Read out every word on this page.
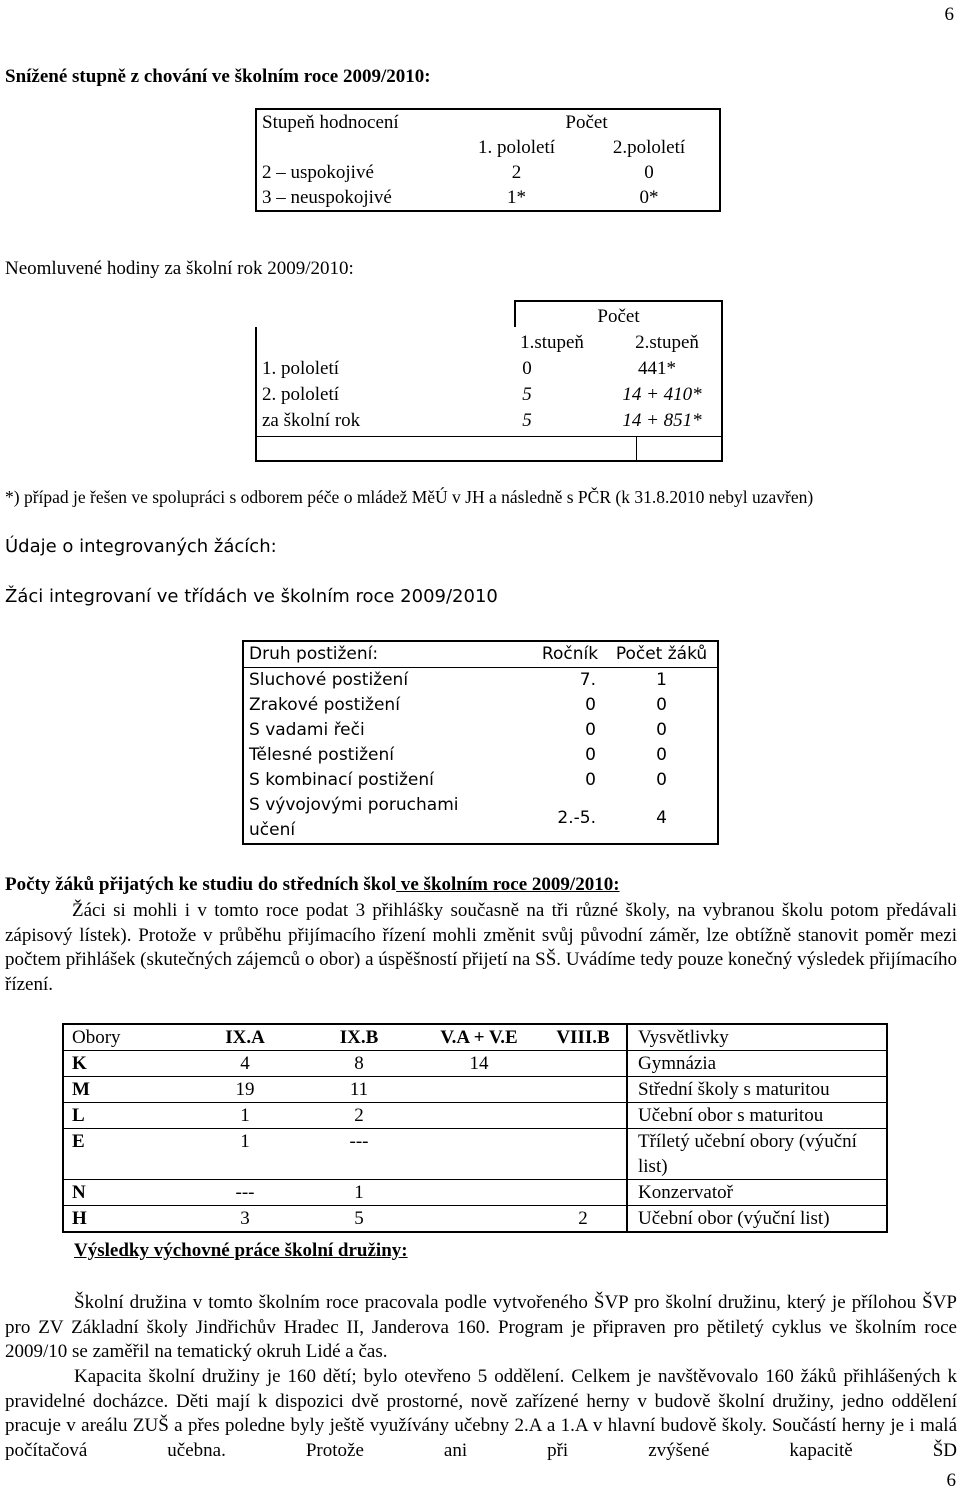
6
Snížené stupně z chování ve školním roce 2009/2010:
Stupeň hodnocení	Počet	
	1. pololetí	2.pololetí
2 – uspokojivé	2	0
3 – neuspokojivé	1*	0*
Neomluvené hodiny za školní rok 2009/2010:
Počet
1.stupeň	2.stupeň
1. pololetí	0	441*
2. pololetí	5	14 + 410*
za školní rok	5	14 + 851*
*) případ je řešen ve spolupráci s odborem péče o mládež MěÚ v JH a následně s PČR (k 31.8.2010 nebyl uzavřen)
Údaje o integrovaných žácích:
Žáci integrovaní ve třídách ve školním roce 2009/2010
Druh postižení:	Ročník	Počet žáků
Sluchové postižení	7.	1
Zrakové postižení	0	0
S vadami řeči	0	0
Tělesné postižení	0	0
S kombinací postižení	0	0

S vývojovými poruchami
učení	2.-5.	4
Počty žáků přijatých ke studiu do středních škol ve školním roce 2009/2010:
Žáci si mohli i v tomto roce podat 3 přihlášky současně na tři různé školy, na vybranou školu potom předávali zápisový lístek). Protože v průběhu přijímacího řízení mohli změnit svůj původní záměr, lze obtížně stanovit poměr mezi počtem přihlášek (skutečných zájemců o obor) a úspěšností přijetí na SŠ. Uvádíme tedy pouze konečný výsledek přijímacího řízení.
Obory	IX.A	IX.B	V.A + V.E	VIII.B	Vysvětlivky
K	4	8	14		Gymnázia
M	19	11			Střední školy s maturitou
L	1	2			Učební obor s maturitou
E	1	---			Tříletý učební obory (výuční list)
N	---	1			Konzervatoř
H	3	5		2	Učební obor (výuční list)
Výsledky výchovné práce školní družiny:
Školní družina v tomto školním roce pracovala podle vytvořeného ŠVP pro školní družinu, který je přílohou ŠVP pro ZV Základní školy Jindřichův Hradec II, Janderova 160. Program je připraven pro pětiletý cyklus ve školním roce 2009/10 se zaměřil na tematický okruh Lidé a čas.
Kapacita školní družiny je 160 dětí; bylo otevřeno 5 oddělení. Celkem je navštěvovalo 160 žáků přihlášených k pravidelné docházce. Děti mají k dispozici dvě prostorné, nově zařízené herny v budově školní družiny, jedno oddělení pracuje v areálu ZUŠ a přes poledne byly ještě využívány učebny 2.A a 1.A v hlavní budově školy. Součástí herny je i malá počítačová učebna. Protože ani při zvýšené kapacitě ŠD
6
